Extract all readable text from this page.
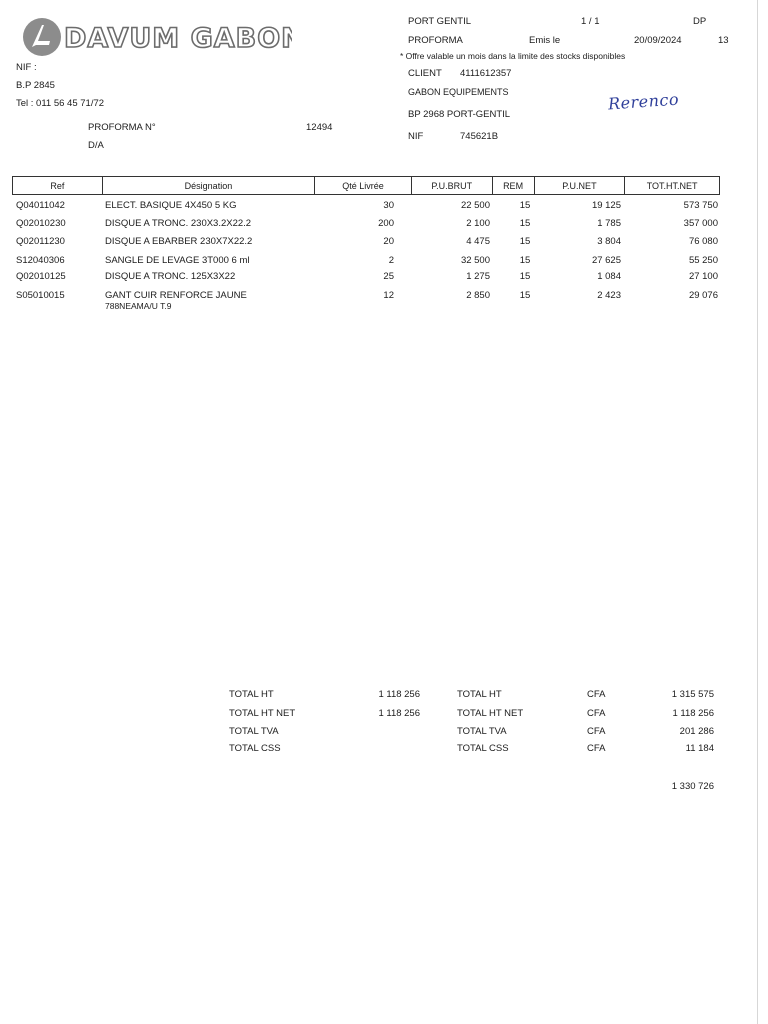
DAVUM GABON
NIF :
B.P 2845
Tel : 011 56 45 71/72
PROFORMA N°	12494
D/A
PORT GENTIL	1 / 1	DP
PROFORMA	Emis le	20/09/2024	13
* Offre valable un mois dans la limite des stocks disponibles
CLIENT 4111612357
GABON EQUIPEMENTS
BP 2968 PORT-GENTIL
NIF	745621B
Rerenco
Ref	Désignation	Qté Livrée	P.U.BRUT	REM	P.U.NET	TOT.HT.NET
Q04011042	ELECT. BASIQUE 4X450 5 KG	30	22 500	15	19 125	573 750
Q02010230	DISQUE A TRONC. 230X3.2X22.2	200	2 100	15	1 785	357 000
Q02011230	DISQUE A EBARBER 230X7X22.2	20	4 475	15	3 804	76 080
S12040306	SANGLE DE LEVAGE 3T000 6 ml	2	32 500	15	27 625	55 250
Q02010125	DISQUE A TRONC. 125X3X22	25	1 275	15	1 084	27 100
S05010015	GANT CUIR RENFORCE JAUNE
788NEAMA/U T.9
12	2 850	15	2 423	29 076
TOTAL HT	1 118 256
TOTAL HT NET	1 118 256
TOTAL TVA
TOTAL CSS
TOTAL HT	CFA	1 315 575
TOTAL HT NET	CFA	1 118 256
TOTAL TVA	CFA	201 286
TOTAL CSS	CFA	11 184
1 330 726
